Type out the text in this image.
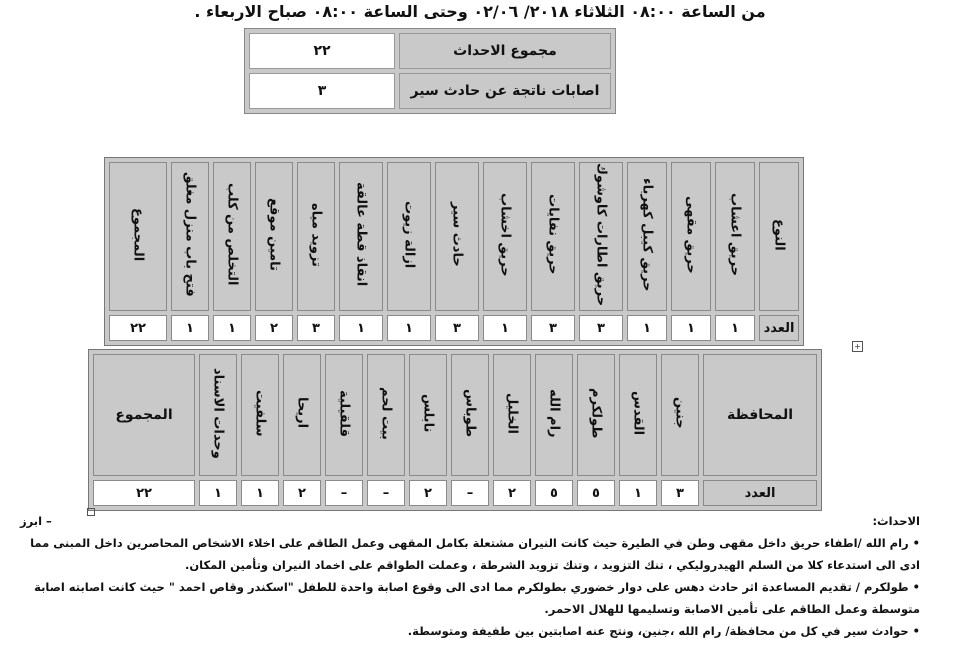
من الساعة ٠٨:٠٠ الثلاثاء ٢٠١٨/ ٠٢/٠٦ وحتى الساعة ٠٨:٠٠ صباح الاربعاء .
٢٢	مجموع الاحداث
٣	اصابات ناتجة عن حادث سير
النوع	حريق اعشاب	حريق مقهى	حريق كيبل كهرباء	حريق اطارات كاوشوك	حريق نفايات	حريق اخشاب	حادث سير	ازالة زيوت	انقاذ قطة عالقة	تزويد مياه	تامين موقع	التخلص من كلب	فتح باب منزل مغلق	المجموع
العدد	١	١	١	٣	٣	١	٣	١	١	٣	٢	١	١	٢٢
+
المحافظة	جنين	القدس	طولكرم	رام الله	الخليل	طوباس	نابلس	بيت لحم	قلقيلية	اريحا	سلفيت	وحدات الاسناد	المجموع
العدد	٣	١	٥	٥	٢	–	٢	–	–	٢	١	١	٢٢
الاحداث:
– ابرز

• رام الله /اطفاء حريق داخل مقهى وطن في الطيرة حيث كانت النيران مشتعلة بكامل المقهى وعمل الطاقم على اخلاء الاشخاص المحاصرين داخل المبنى مما ادى الى استدعاء كلا من السلم الهيدروليكي ، تنك التزويد ، وتنك تزويد الشرطة ، وعملت الطواقم على اخماد النيران وتأمين المكان.

• طولكرم / تقديم المساعدة اثر حادث دهس على دوار خضوري بطولكرم مما ادى الى وقوع اصابة واحدة للطفل "اسكندر وقاص احمد " حيث كانت اصابته اصابة متوسطة وعمل الطاقم على تأمين الاصابة وتسليمها للهلال الاحمر.

• حوادث سير في كل من محافظة/ رام الله ،جنين، ونتج عنه اصابتين بين طفيفة ومتوسطة.
